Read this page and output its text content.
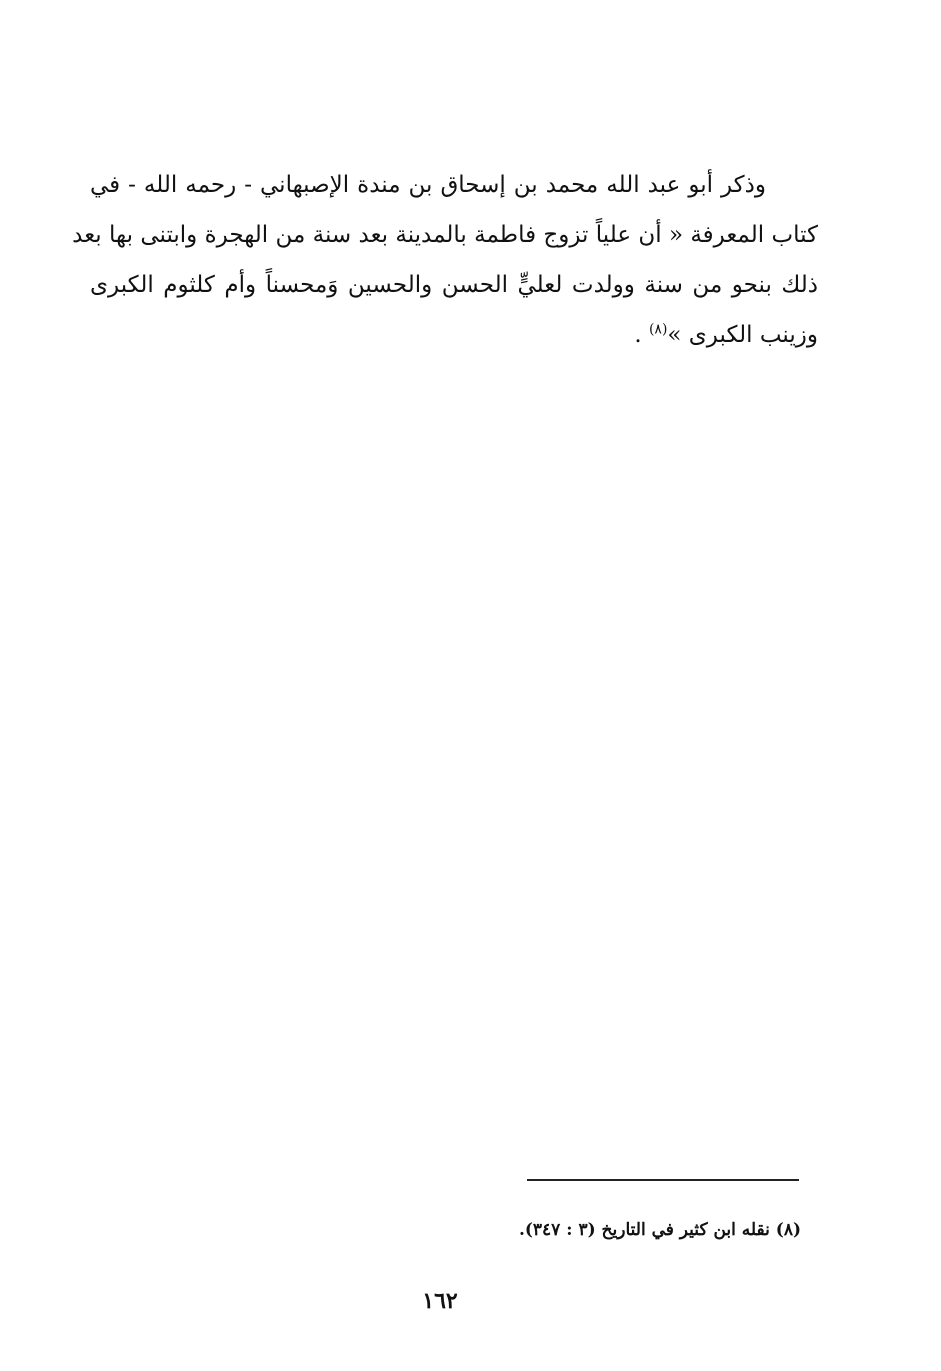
وذكر أبو عبد الله محمد بن إسحاق بن مندة الإصبهاني - رحمه الله - في
كتاب المعرفة « أن علياً تزوج فاطمة بالمدينة بعد سنة من الهجرة وابتنى بها بعد
ذلك بنحو من سنة وولدت لعليٍّ الحسن والحسين وَمحسناً وأم كلثوم الكبرى
وزينب الكبرى »$^{(٨)}$ .
(٨) نقله ابن كثير في التاريخ (٣ : ٣٤٧).
١٦٢
